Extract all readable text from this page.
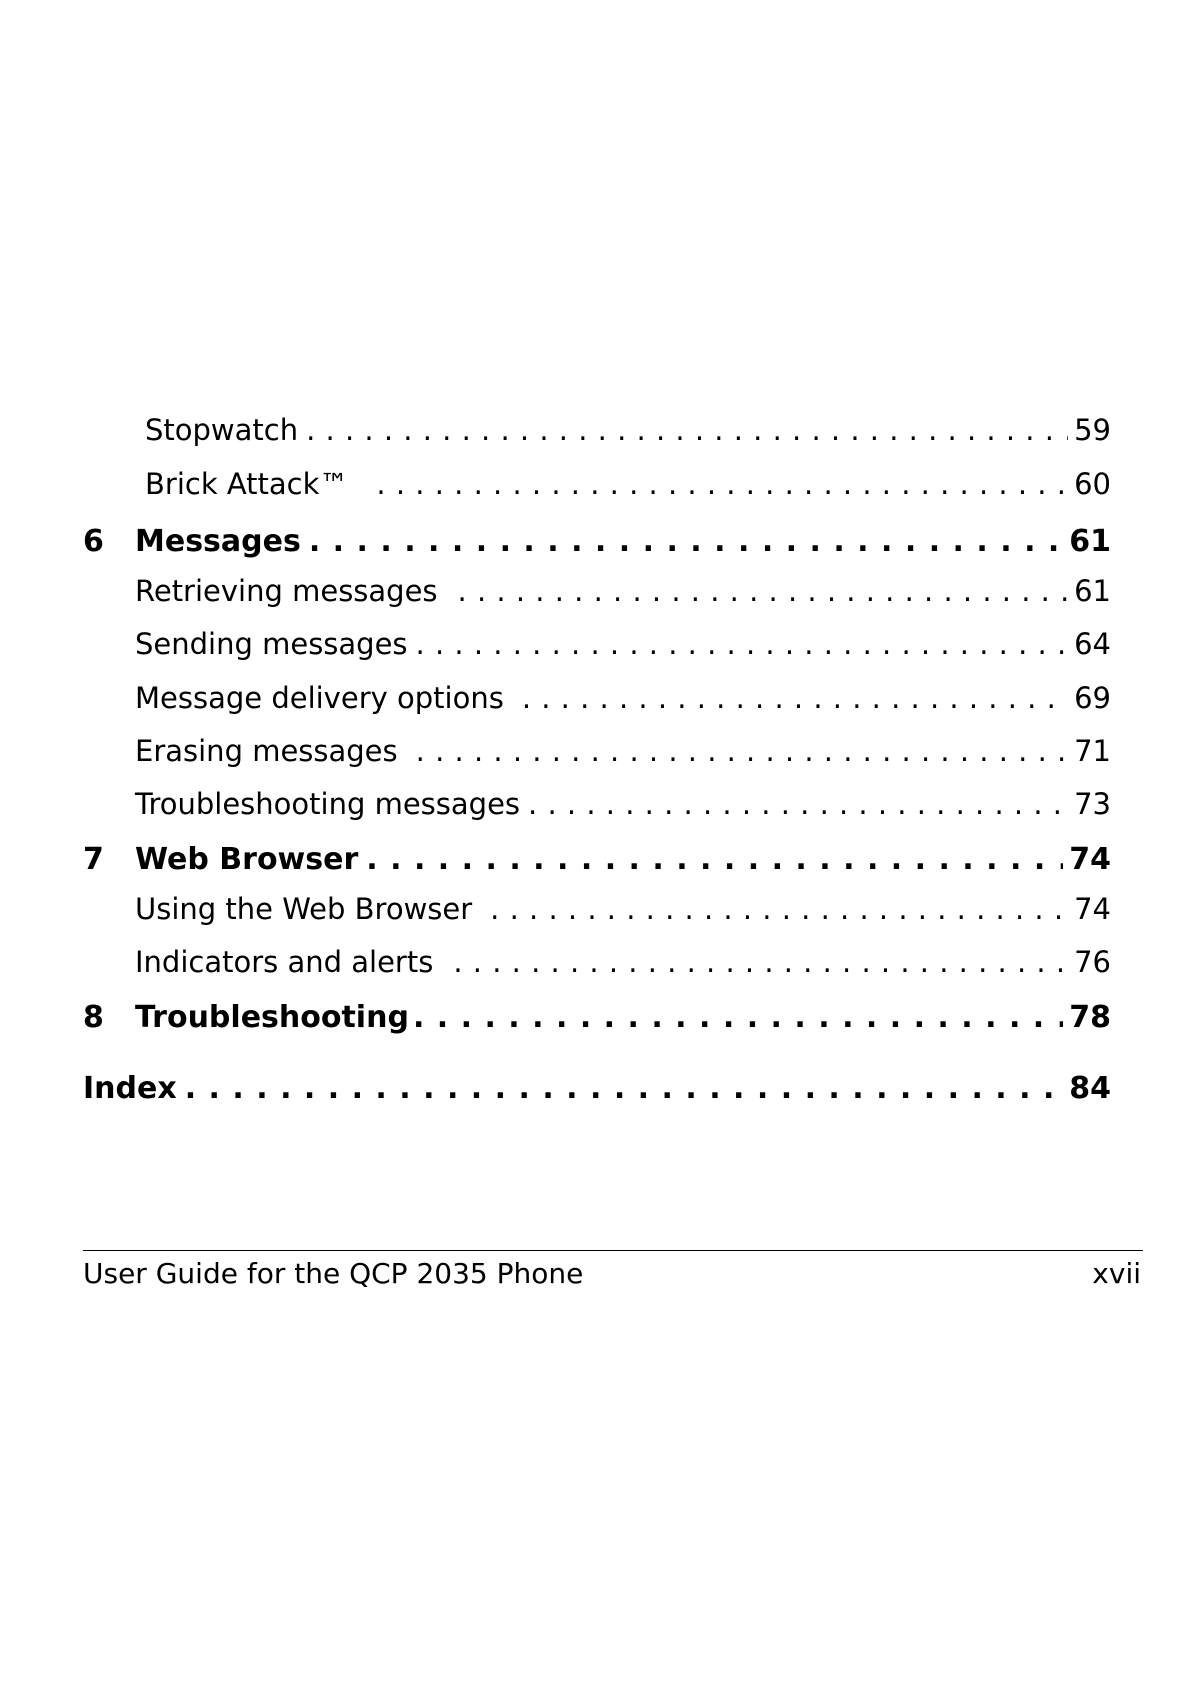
Stopwatch . . .	59
Brick Attack™ . . .	60
6	Messages . . .	61
Retrieving messages . . .	61
Sending messages . . .	64
Message delivery options . . .	69
Erasing messages . . .	71
Troubleshooting messages . . .	73
7	Web Browser . . .	74
Using the Web Browser . . .	74
Indicators and alerts . . .	76
8	Troubleshooting . . .	78
Index . . .	84
User Guide for the QCP 2035 Phone	xvii
